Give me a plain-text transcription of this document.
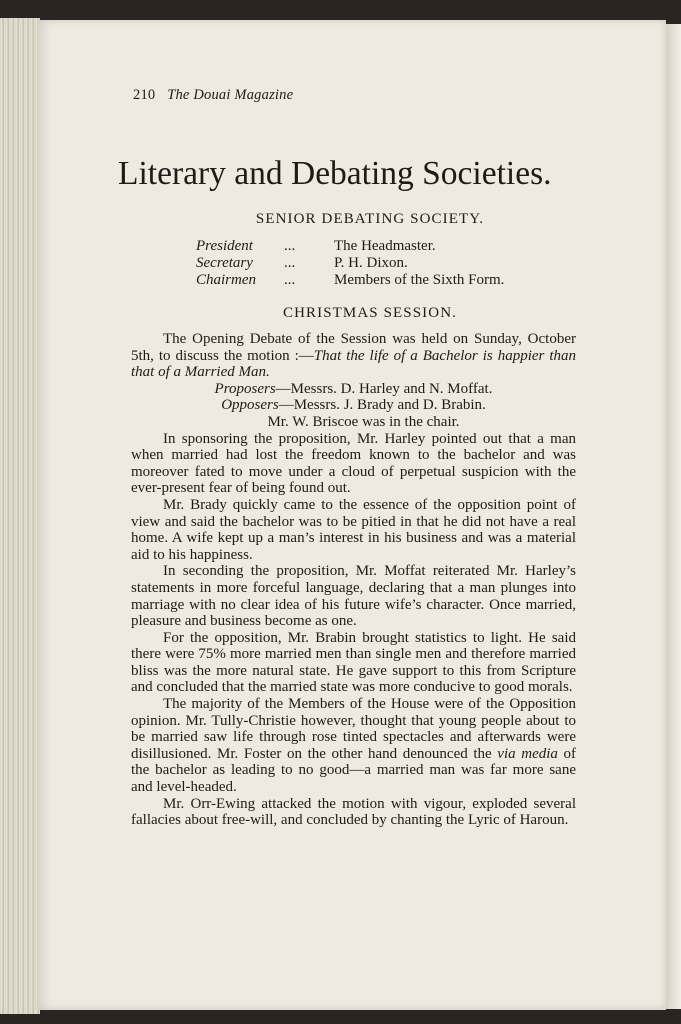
210 The Douai Magazine
Literary and Debating Societies.
SENIOR DEBATING SOCIETY.
President	...	The Headmaster.
Secretary	...	P. H. Dixon.
Chairmen	...	Members of the Sixth Form.
CHRISTMAS SESSION.

The Opening Debate of the Session was held on Sunday, October 5th, to discuss the motion :—That the life of a Bachelor is happier than that of a Married Man.

Proposers—Messrs. D. Harley and N. Moffat.

Opposers—Messrs. J. Brady and D. Brabin.

Mr. W. Briscoe was in the chair.

In sponsoring the proposition, Mr. Harley pointed out that a man when married had lost the freedom known to the bachelor and was moreover fated to move under a cloud of perpetual suspicion with the ever-present fear of being found out.

Mr. Brady quickly came to the essence of the opposition point of view and said the bachelor was to be pitied in that he did not have a real home. A wife kept up a man’s interest in his business and was a material aid to his happiness.

In seconding the proposition, Mr. Moffat reiterated Mr. Harley’s statements in more forceful language, declaring that a man plunges into marriage with no clear idea of his future wife’s character. Once married, pleasure and business become as one.

For the opposition, Mr. Brabin brought statistics to light. He said there were 75% more married men than single men and therefore married bliss was the more natural state. He gave support to this from Scripture and concluded that the married state was more conducive to good morals.

The majority of the Members of the House were of the Opposition opinion. Mr. Tully-Christie however, thought that young people about to be married saw life through rose tinted spectacles and afterwards were disillusioned. Mr. Foster on the other hand denounced the via media of the bachelor as leading to no good—a married man was far more sane and level-headed.

Mr. Orr-Ewing attacked the motion with vigour, exploded several fallacies about free-will, and concluded by chanting the Lyric of Haroun.
